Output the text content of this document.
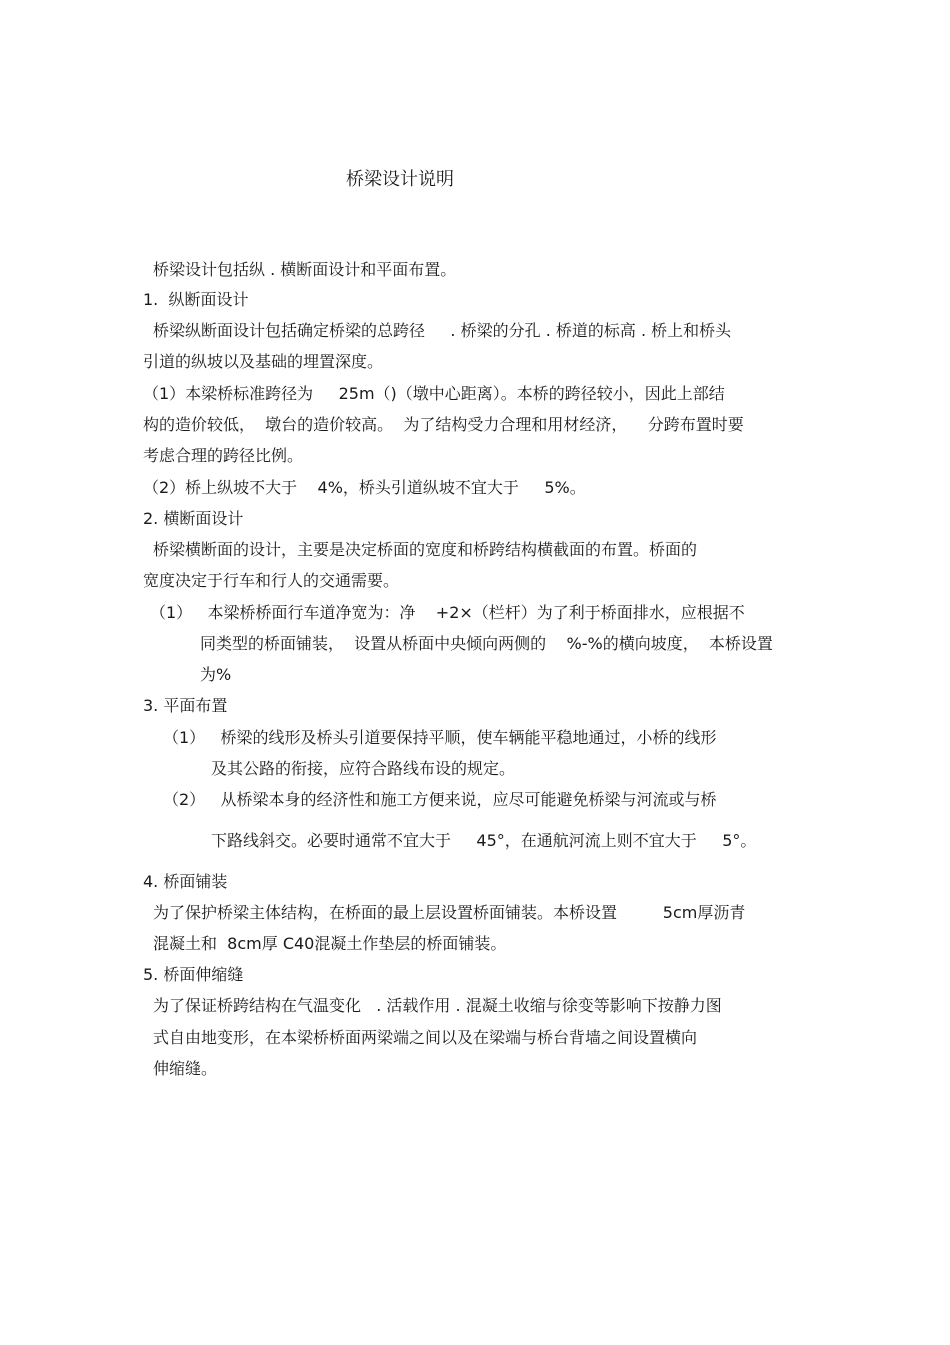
桥梁设计说明
桥梁设计包括纵 . 横断面设计和平面布置。
1.  纵断面设计
桥梁纵断面设计包括确定桥梁的总跨径     . 桥梁的分孔 . 桥道的标高 . 桥上和桥头
引道的纵坡以及基础的埋置深度。
（1）本梁桥标准跨径为     25m（)（墩中心距离）。本桥的跨径较小，因此上部结
构的造价较低，  墩台的造价较高。  为了结构受力合理和用材经济，    分跨布置时要
考虑合理的跨径比例。
（2）桥上纵坡不大于    4%，桥头引道纵坡不宜大于     5%。
2. 横断面设计
桥梁横断面的设计，主要是决定桥面的宽度和桥跨结构横截面的布置。桥面的
宽度决定于行车和行人的交通需要。
（1）   本梁桥桥面行车道净宽为：净    +2×（栏杆）为了利于桥面排水，应根据不
同类型的桥面铺装，  设置从桥面中央倾向两侧的    %-%的横向坡度，  本桥设置
为%
3. 平面布置
（1）   桥梁的线形及桥头引道要保持平顺，使车辆能平稳地通过，小桥的线形
及其公路的衔接，应符合路线布设的规定。
（2）   从桥梁本身的经济性和施工方便来说，应尽可能避免桥梁与河流或与桥
下路线斜交。必要时通常不宜大于     45°，在通航河流上则不宜大于     5°。
4. 桥面铺装
为了保护桥梁主体结构，在桥面的最上层设置桥面铺装。本桥设置         5cm厚沥青
混凝土和  8cm厚 C40混凝土作垫层的桥面铺装。
5. 桥面伸缩缝
为了保证桥跨结构在气温变化   . 活载作用 . 混凝土收缩与徐变等影响下按静力图
式自由地变形，在本梁桥桥面两梁端之间以及在梁端与桥台背墙之间设置横向
伸缩缝。
